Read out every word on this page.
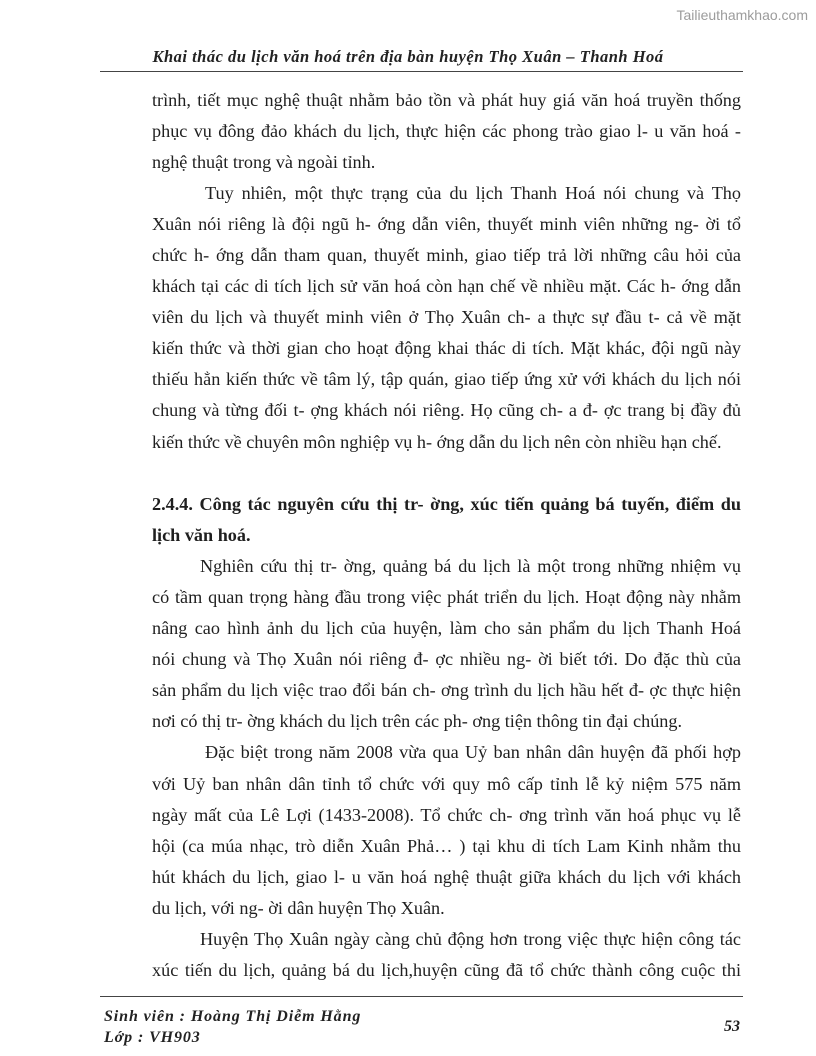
Tailieuthamkhao.com
Khai thác du lịch văn hoá trên địa bàn huyện Thọ Xuân – Thanh Hoá
trình, tiết mục nghệ thuật nhằm bảo tồn và phát huy giá văn hoá truyền thống
phục vụ đông đảo khách du lịch, thực hiện các phong trào giao l- u văn hoá -
nghệ thuật trong và ngoài tỉnh.
Tuy nhiên, một thực trạng của du lịch Thanh Hoá nói chung và Thọ
Xuân nói riêng là đội ngũ h- ớng dẫn viên, thuyết minh viên những ng- ời tổ
chức h- ớng dẫn tham quan, thuyết minh, giao tiếp trả lời những câu hỏi của
khách tại các di tích lịch sử văn hoá còn hạn chế về nhiều mặt. Các h- ớng dẫn
viên du lịch và thuyết minh viên ở Thọ Xuân ch- a thực sự đầu t- cả về mặt
kiến thức và thời gian cho hoạt động khai thác di tích. Mặt khác, đội ngũ này
thiếu hẳn kiến thức về tâm lý, tập quán, giao tiếp ứng xử với khách du lịch nói
chung và từng đối t- ợng khách nói riêng. Họ cũng ch- a đ- ợc trang bị đầy đủ
kiến thức về chuyên môn nghiệp vụ h- ớng dẫn du lịch nên còn nhiều hạn chế.
2.4.4. Công tác nguyên cứu thị tr- ờng, xúc tiến quảng bá tuyến, điểm du
lịch văn hoá.
Nghiên cứu thị tr- ờng, quảng bá du lịch là một trong những nhiệm vụ
có tầm quan trọng hàng đầu trong việc phát triển du lịch. Hoạt động này nhằm
nâng cao hình ảnh du lịch của huyện, làm cho sản phẩm du lịch Thanh Hoá
nói chung và Thọ Xuân nói riêng đ- ợc nhiều ng- ời biết tới. Do đặc thù của
sản phẩm du lịch việc trao đổi bán ch- ơng trình du lịch hầu hết đ- ợc thực hiện
nơi có thị tr- ờng khách du lịch trên các ph- ơng tiện thông tin đại chúng.
Đặc biệt trong năm 2008 vừa qua Uỷ ban nhân dân huyện đã phối hợp
với Uỷ ban nhân dân tỉnh tổ chức với quy mô cấp tỉnh lễ kỷ niệm 575 năm
ngày mất của Lê Lợi (1433-2008). Tổ chức ch- ơng trình văn hoá phục vụ lễ
hội (ca múa nhạc, trò diễn Xuân Phả… ) tại khu di tích Lam Kinh nhằm thu
hút khách du lịch, giao l- u văn hoá nghệ thuật giữa khách du lịch với khách
du lịch, với ng- ời dân huyện Thọ Xuân.
Huyện Thọ Xuân ngày càng chủ động hơn trong việc thực hiện công tác
xúc tiến du lịch, quảng bá du lịch,huyện cũng đã tổ chức thành công cuộc thi
Sinh viên : Hoàng Thị Diễm Hằng
Lớp : VH903
53
